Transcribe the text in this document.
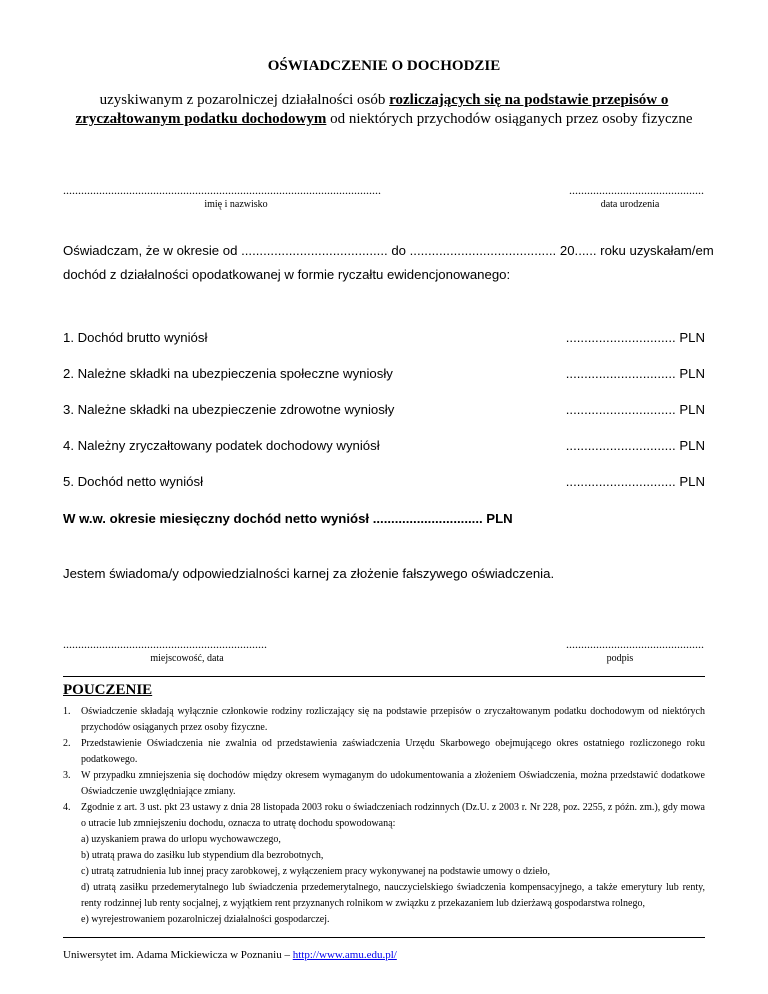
OŚWIADCZENIE O DOCHODZIE
uzyskiwanym z pozarolniczej działalności osób rozliczających się na podstawie przepisów o zryczałtowanym podatku dochodowym od niektórych przychodów osiąganych przez osoby fizyczne
..........................................................................................................
imię i nazwisko
.............................................
data urodzenia
Oświadczam, że w okresie od ........................................ do ........................................ 20...... roku uzyskałam/em
dochód z działalności opodatkowanej w formie ryczałtu ewidencjonowanego:
1. Dochód brutto wyniósł	.............................. PLN
2. Należne składki na ubezpieczenia społeczne wyniosły	.............................. PLN
3. Należne składki na ubezpieczenie zdrowotne wyniosły	.............................. PLN
4. Należny zryczałtowany podatek dochodowy wyniósł	.............................. PLN
5. Dochód netto wyniósł	.............................. PLN
W w.w. okresie miesięczny dochód netto wyniósł .............................. PLN
Jestem świadoma/y odpowiedzialności karnej za złożenie fałszywego oświadczenia.
....................................................................
miejscowość, data
..............................................
podpis
POUCZENIE
1. Oświadczenie składają wyłącznie członkowie rodziny rozliczający się na podstawie przepisów o zryczałtowanym podatku dochodowym od niektórych przychodów osiąganych przez osoby fizyczne.
2. Przedstawienie Oświadczenia nie zwalnia od przedstawienia zaświadczenia Urzędu Skarbowego obejmującego okres ostatniego rozliczonego roku podatkowego.
3. W przypadku zmniejszenia się dochodów między okresem wymaganym do udokumentowania a złożeniem Oświadczenia, można przedstawić dodatkowe Oświadczenie uwzględniające zmiany.
4. Zgodnie z art. 3 ust. pkt 23 ustawy z dnia 28 listopada 2003 roku o świadczeniach rodzinnych (Dz.U. z 2003 r. Nr 228, poz. 2255, z późn. zm.), gdy mowa o utracie lub zmniejszeniu dochodu, oznacza to utratę dochodu spowodowaną:
a) uzyskaniem prawa do urlopu wychowawczego,
b) utratą prawa do zasiłku lub stypendium dla bezrobotnych,
c) utratą zatrudnienia lub innej pracy zarobkowej, z wyłączeniem pracy wykonywanej na podstawie umowy o dzieło,
d) utratą zasiłku przedemerytalnego lub świadczenia przedemerytalnego, nauczycielskiego świadczenia kompensacyjnego, a także emerytury lub renty, renty rodzinnej lub renty socjalnej, z wyjątkiem rent przyznanych rolnikom w związku z przekazaniem lub dzierżawą gospodarstwa rolnego,
e) wyrejestrowaniem pozarolniczej działalności gospodarczej.
Uniwersytet im. Adama Mickiewicza w Poznaniu – http://www.amu.edu.pl/
